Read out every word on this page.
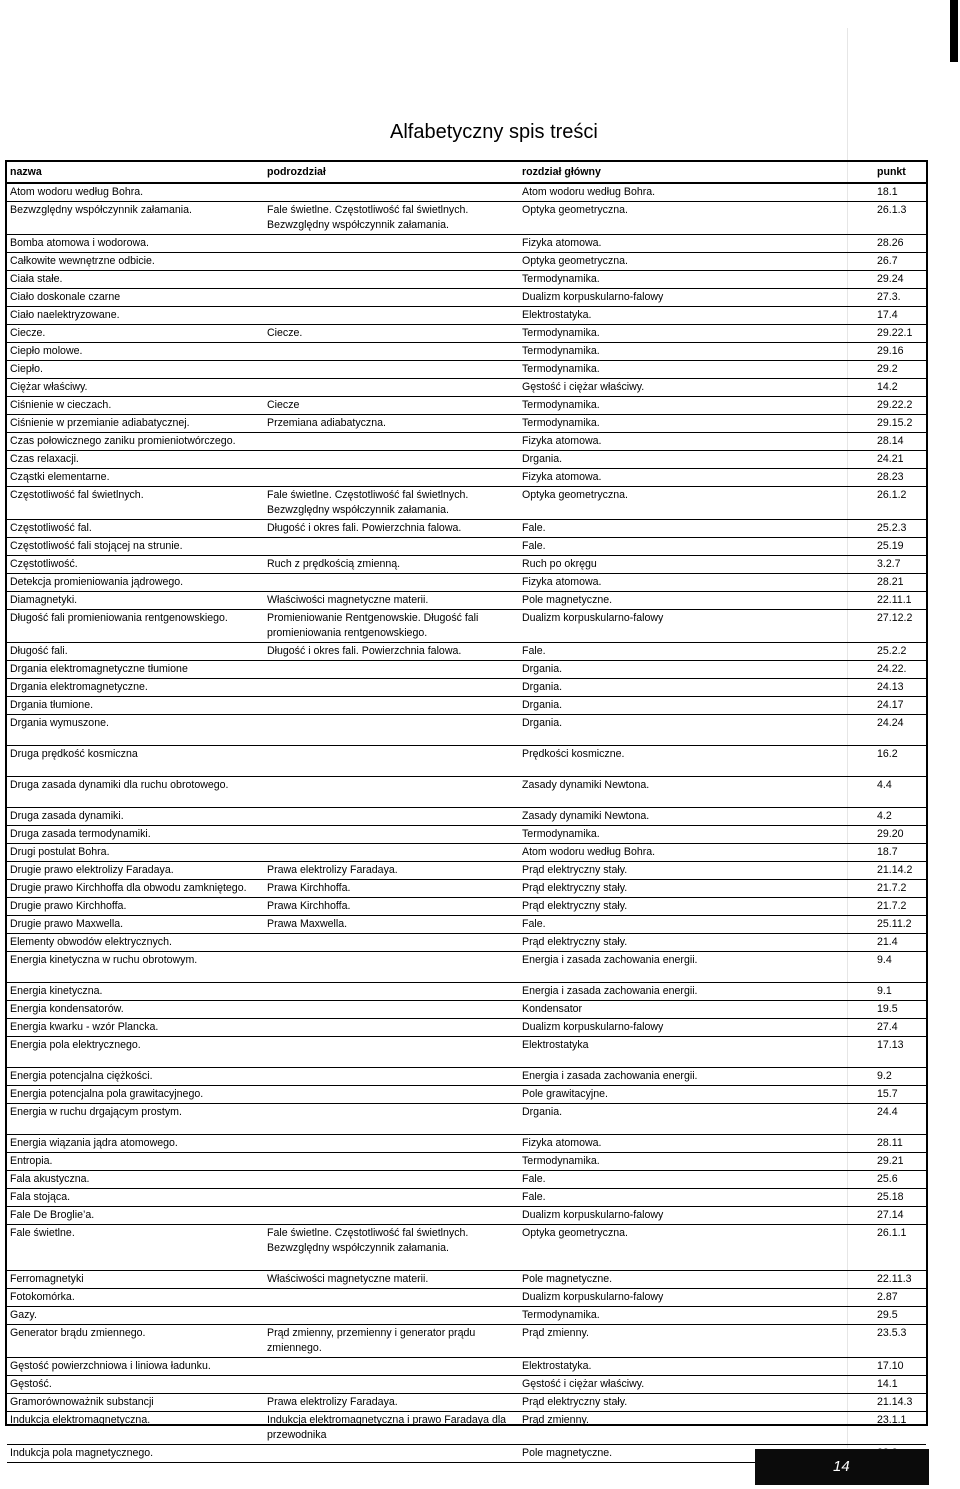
Alfabetyczny spis treści
nazwa	podrozdział	rozdział główny	punkt
Atom wodoru według Bohra.		Atom wodoru według Bohra.	18.1
Bezwzględny współczynnik załamania.	Fale świetlne. Częstotliwość fal świetlnych. Bezwzględny współczynnik załamania.	Optyka geometryczna.	26.1.3
Bomba atomowa i wodorowa.		Fizyka atomowa.	28.26
Całkowite wewnętrzne odbicie.		Optyka geometryczna.	26.7
Ciała stałe.		Termodynamika.	29.24
Ciało doskonale czarne		Dualizm korpuskularno-falowy	27.3.
Ciało naelektryzowane.		Elektrostatyka.	17.4
Ciecze.	Ciecze.	Termodynamika.	29.22.1
Ciepło molowe.		Termodynamika.	29.16
Ciepło.		Termodynamika.	29.2
Ciężar właściwy.		Gęstość i ciężar właściwy.	14.2
Ciśnienie w cieczach.	Ciecze	Termodynamika.	29.22.2
Ciśnienie w przemianie adiabatycznej.	Przemiana adiabatyczna.	Termodynamika.	29.15.2
Czas połowicznego zaniku promieniotwórczego.		Fizyka atomowa.	28.14
Czas relaxacji.		Drgania.	24.21
Cząstki elementarne.		Fizyka atomowa.	28.23
Częstotliwość fal świetlnych.	Fale świetlne. Częstotliwość fal świetlnych. Bezwzględny współczynnik załamania.	Optyka geometryczna.	26.1.2
Częstotliwość fal.	Długość i okres fali. Powierzchnia falowa.	Fale.	25.2.3
Częstotliwość fali stojącej na strunie.		Fale.	25.19
Częstotliwość.	Ruch z prędkością zmienną.	Ruch po okręgu	3.2.7
Detekcja promieniowania jądrowego.		Fizyka atomowa.	28.21
Diamagnetyki.	Właściwości magnetyczne materii.	Pole magnetyczne.	22.11.1
Długość fali promieniowania rentgenowskiego.	Promieniowanie Rentgenowskie. Długość fali promieniowania rentgenowskiego.	Dualizm korpuskularno-falowy	27.12.2
Długość fali.	Długość i okres fali. Powierzchnia falowa.	Fale.	25.2.2
Drgania elektromagnetyczne tłumione		Drgania.	24.22.
Drgania elektromagnetyczne.		Drgania.	24.13
Drgania tłumione.		Drgania.	24.17
Drgania wymuszone.		Drgania.	24.24
Druga prędkość kosmiczna		Prędkości kosmiczne.	16.2
Druga zasada dynamiki dla ruchu obrotowego.		Zasady dynamiki Newtona.	4.4
Druga zasada dynamiki.		Zasady dynamiki Newtona.	4.2
Druga zasada termodynamiki.		Termodynamika.	29.20
Drugi postulat Bohra.		Atom wodoru według Bohra.	18.7
Drugie prawo elektrolizy Faradaya.	Prawa elektrolizy Faradaya.	Prąd elektryczny stały.	21.14.2
Drugie prawo Kirchhoffa dla obwodu zamkniętego.	Prawa Kirchhoffa.	Prąd elektryczny stały.	21.7.2
Drugie prawo Kirchhoffa.	Prawa Kirchhoffa.	Prąd elektryczny stały.	21.7.2
Drugie prawo Maxwella.	Prawa Maxwella.	Fale.	25.11.2
Elementy obwodów elektrycznych.		Prąd elektryczny stały.	21.4
Energia kinetyczna w ruchu obrotowym.		Energia i zasada zachowania energii.	9.4
Energia kinetyczna.		Energia i zasada zachowania energii.	9.1
Energia kondensatorów.		Kondensator	19.5
Energia kwarku - wzór Plancka.		Dualizm korpuskularno-falowy	27.4
Energia pola elektrycznego.		Elektrostatyka	17.13
Energia potencjalna ciężkości.		Energia i zasada zachowania energii.	9.2
Energia potencjalna pola grawitacyjnego.		Pole grawitacyjne.	15.7
Energia w ruchu drgającym prostym.		Drgania.	24.4
Energia wiązania jądra atomowego.		Fizyka atomowa.	28.11
Entropia.		Termodynamika.	29.21
Fala akustyczna.		Fale.	25.6
Fala stojąca.		Fale.	25.18
Fale De Broglie’a.		Dualizm korpuskularno-falowy	27.14
Fale świetlne.	Fale świetlne. Częstotliwość fal świetlnych. Bezwzględny współczynnik załamania.	Optyka geometryczna.	26.1.1
Ferromagnetyki	Właściwości magnetyczne materii.	Pole magnetyczne.	22.11.3
Fotokomórka.		Dualizm korpuskularno-falowy	2.87
Gazy.		Termodynamika.	29.5
Generator brądu zmiennego.	Prąd zmienny, przemienny i generator prądu zmiennego.	Prąd zmienny.	23.5.3
Gęstość powierzchniowa i liniowa ładunku.		Elektrostatyka.	17.10
Gęstość.		Gęstość i ciężar właściwy.	14.1
Gramorównoważnik substancji	Prawa elektrolizy Faradaya.	Prąd elektryczny stały.	21.14.3
Indukcja elektromagnetyczna.	Indukcja elektromagnetyczna i prawo Faradaya dla przewodnika	Prąd zmienny.	23.1.1
Indukcja pola magnetycznego.		Pole magnetyczne.	
14
